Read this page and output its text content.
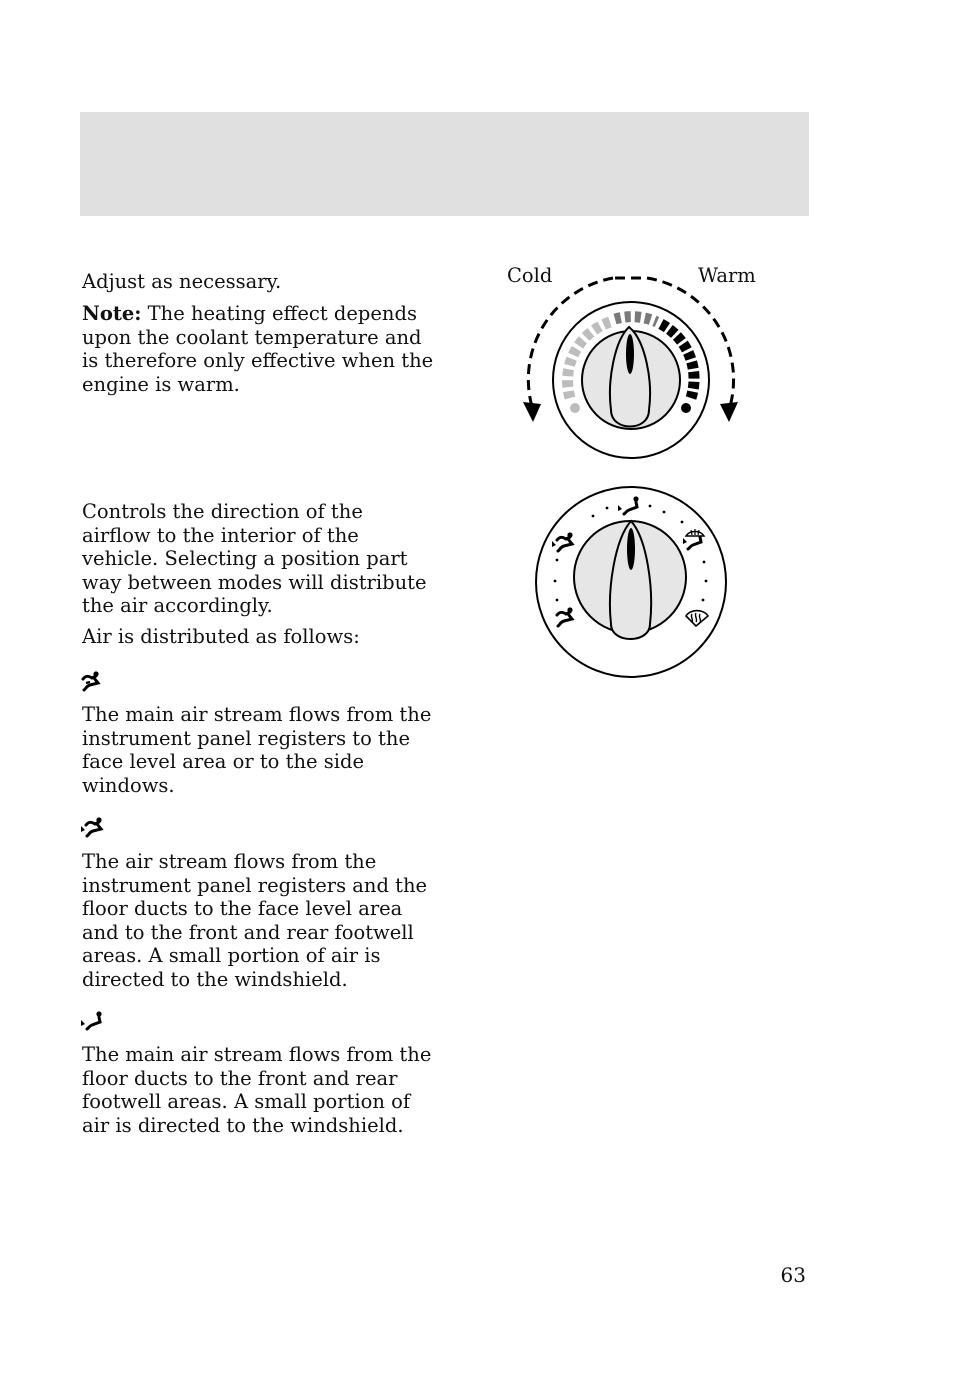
Adjust as necessary.

Note: The heating effect depends upon the coolant temperature and is therefore only effective when the engine is warm.

Cold	Warm

Controls the direction of the airflow to the interior of the vehicle. Selecting a position part way between modes will distribute the air accordingly.

Air is distributed as follows:

The main air stream flows from the instrument panel registers to the face level area or to the side windows.

The air stream flows from the instrument panel registers and the floor ducts to the face level area and to the front and rear footwell areas. A small portion of air is directed to the windshield.

The main air stream flows from the floor ducts to the front and rear footwell areas. A small portion of air is directed to the windshield.

63
